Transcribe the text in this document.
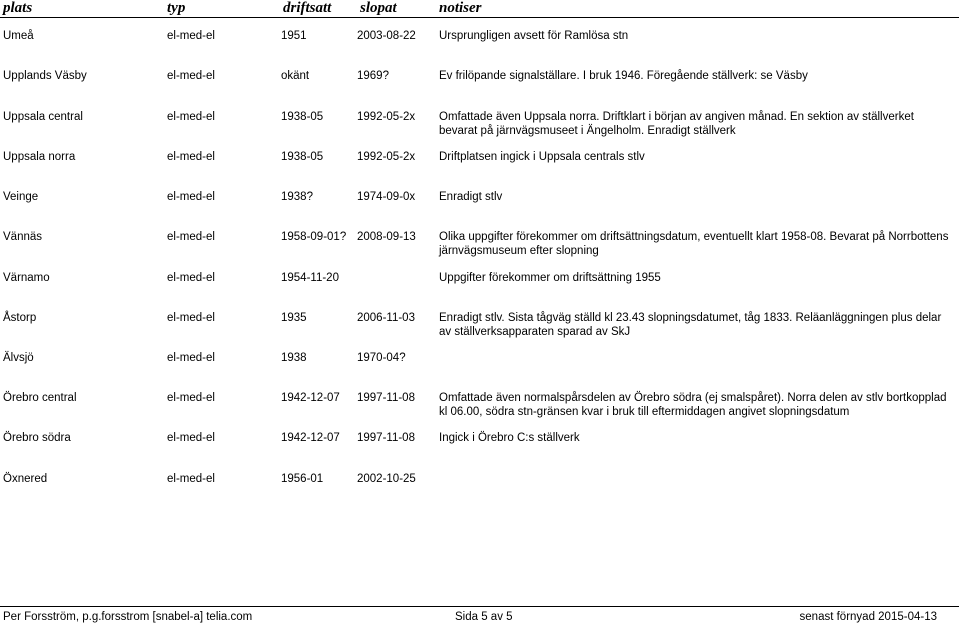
plats	typ	driftsatt slopat	notiser
Umeå	el-med-el	1951	2003-08-22 Ursprungligen avsett för Ramlösa stn
Upplands Väsby	el-med-el	okänt	1969?	Ev frilöpande signalställare. I bruk 1946. Föregående ställverk: se Väsby
Uppsala central	el-med-el	1938-05	1992-05-2x Omfattade även Uppsala norra. Driftklart i början av angiven månad. En sektion av ställverket bevarat på järnvägsmuseet i Ängelholm. Enradigt ställverk
Uppsala norra	el-med-el	1938-05	1992-05-2x Driftplatsen ingick i Uppsala centrals stlv
Veinge	el-med-el	1938?	1974-09-0x Enradigt stlv
Vännäs	el-med-el	1958-09-01? 2008-09-13 Olika uppgifter förekommer om driftsättningsdatum, eventuellt klart 1958-08. Bevarat på Norrbottens järnvägsmuseum efter slopning
Värnamo	el-med-el	1954-11-20	Uppgifter förekommer om driftsättning 1955
Åstorp	el-med-el	1935	2006-11-03 Enradigt stlv. Sista tågväg ställd kl 23.43 slopningsdatumet, tåg 1833. Reläanläggningen plus delar av ställverksapparaten sparad av SkJ
Älvsjö	el-med-el	1938	1970-04?
Örebro central	el-med-el	1942-12-07 1997-11-08 Omfattade även normalspårsdelen av Örebro södra (ej smalspåret). Norra delen av stlv bortkopplad kl 06.00, södra stn-gränsen kvar i bruk till eftermiddagen angivet slopningsdatum
Örebro södra	el-med-el	1942-12-07 1997-11-08 Ingick i Örebro C:s ställverk
Öxnered	el-med-el	1956-01	2002-10-25
Per Forsström, p.g.forsstrom [snabel-a] telia.com	Sida 5 av 5	senast förnyad 2015-04-13
